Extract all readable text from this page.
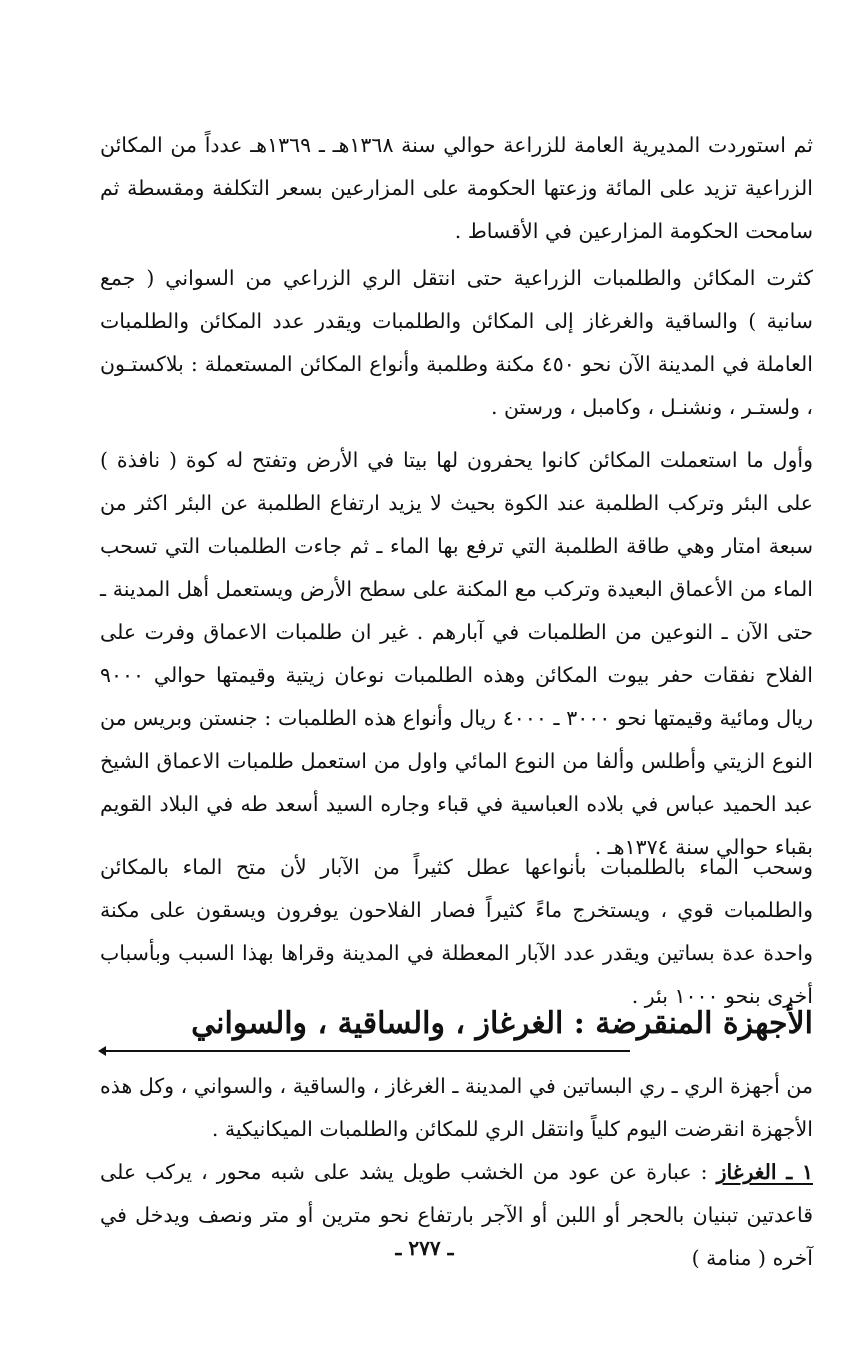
ثم استوردت المديرية العامة للزراعة حوالي سنة ١٣٦٨هـ ـ ١٣٦٩هـ عدداً من المكائن الزراعية تزيد على المائة وزعتها الحكومة على المزارعين بسعر التكلفة ومقسطة ثم سامحت الحكومة المزارعين في الأقساط .

كثرت المكائن والطلمبات الزراعية حتى انتقل الري الزراعي من السواني ( جمع سانية ) والساقية والغرغاز إلى المكائن والطلمبات ويقدر عدد المكائن والطلمبات العاملة في المدينة الآن نحو ٤٥٠ مكنة وطلمبة وأنواع المكائن المستعملة : بلاكستـون ، ولستـر ، ونشنـل ، وكامبل ، ورستن .

وأول ما استعملت المكائن كانوا يحفرون لها بيتا في الأرض وتفتح له كوة ( نافذة ) على البئر وتركب الطلمبة عند الكوة بحيث لا يزيد ارتفاع الطلمبة عن البئر اكثر من سبعة امتار وهي طاقة الطلمبة التي ترفع بها الماء ـ ثم جاءت الطلمبات التي تسحب الماء من الأعماق البعيدة وتركب مع المكنة على سطح الأرض ويستعمل أهل المدينة ـ حتى الآن ـ النوعين من الطلمبات في آبارهم . غير ان طلمبات الاعماق وفرت على الفلاح نفقات حفر بيوت المكائن وهذه الطلمبات نوعان زيتية وقيمتها حوالي ٩٠٠٠ ريال ومائية وقيمتها نحو ٣٠٠٠ ـ ٤٠٠٠ ريال وأنواع هذه الطلمبات : جنستن وبريس من النوع الزيتي وأطلس وألفا من النوع المائي واول من استعمل طلمبات الاعماق الشيخ عبد الحميد عباس في بلاده العباسية في قباء وجاره السيد أسعد طه في البلاد القويم بقباء حوالي سنة ١٣٧٤هـ .

وسحب الماء بالطلمبات بأنواعها عطل كثيراً من الآبار لأن متح الماء بالمكائن والطلمبات قوي ، ويستخرج ماءً كثيراً فصار الفلاحون يوفرون ويسقون على مكنة واحدة عدة بساتين ويقدر عدد الآبار المعطلة في المدينة وقراها بهذا السبب وبأسباب أخرى بنحو ١٠٠٠ بئر .

الأجهزة المنقرضة : الغرغاز ، والساقية ، والسواني

من أجهزة الري ـ ري البساتين في المدينة ـ الغرغاز ، والساقية ، والسواني ، وكل هذه الأجهزة انقرضت اليوم كلياً وانتقل الري للمكائن والطلمبات الميكانيكية .

١ ـ الغرغاز : عبارة عن عود من الخشب طويل يشد على شبه محور ، يركب على قاعدتين تبنيان بالحجر أو اللبن أو الآجر بارتفاع نحو مترين أو متر ونصف ويدخل في آخره ( منامة )

ـ ٢٧٧ ـ
